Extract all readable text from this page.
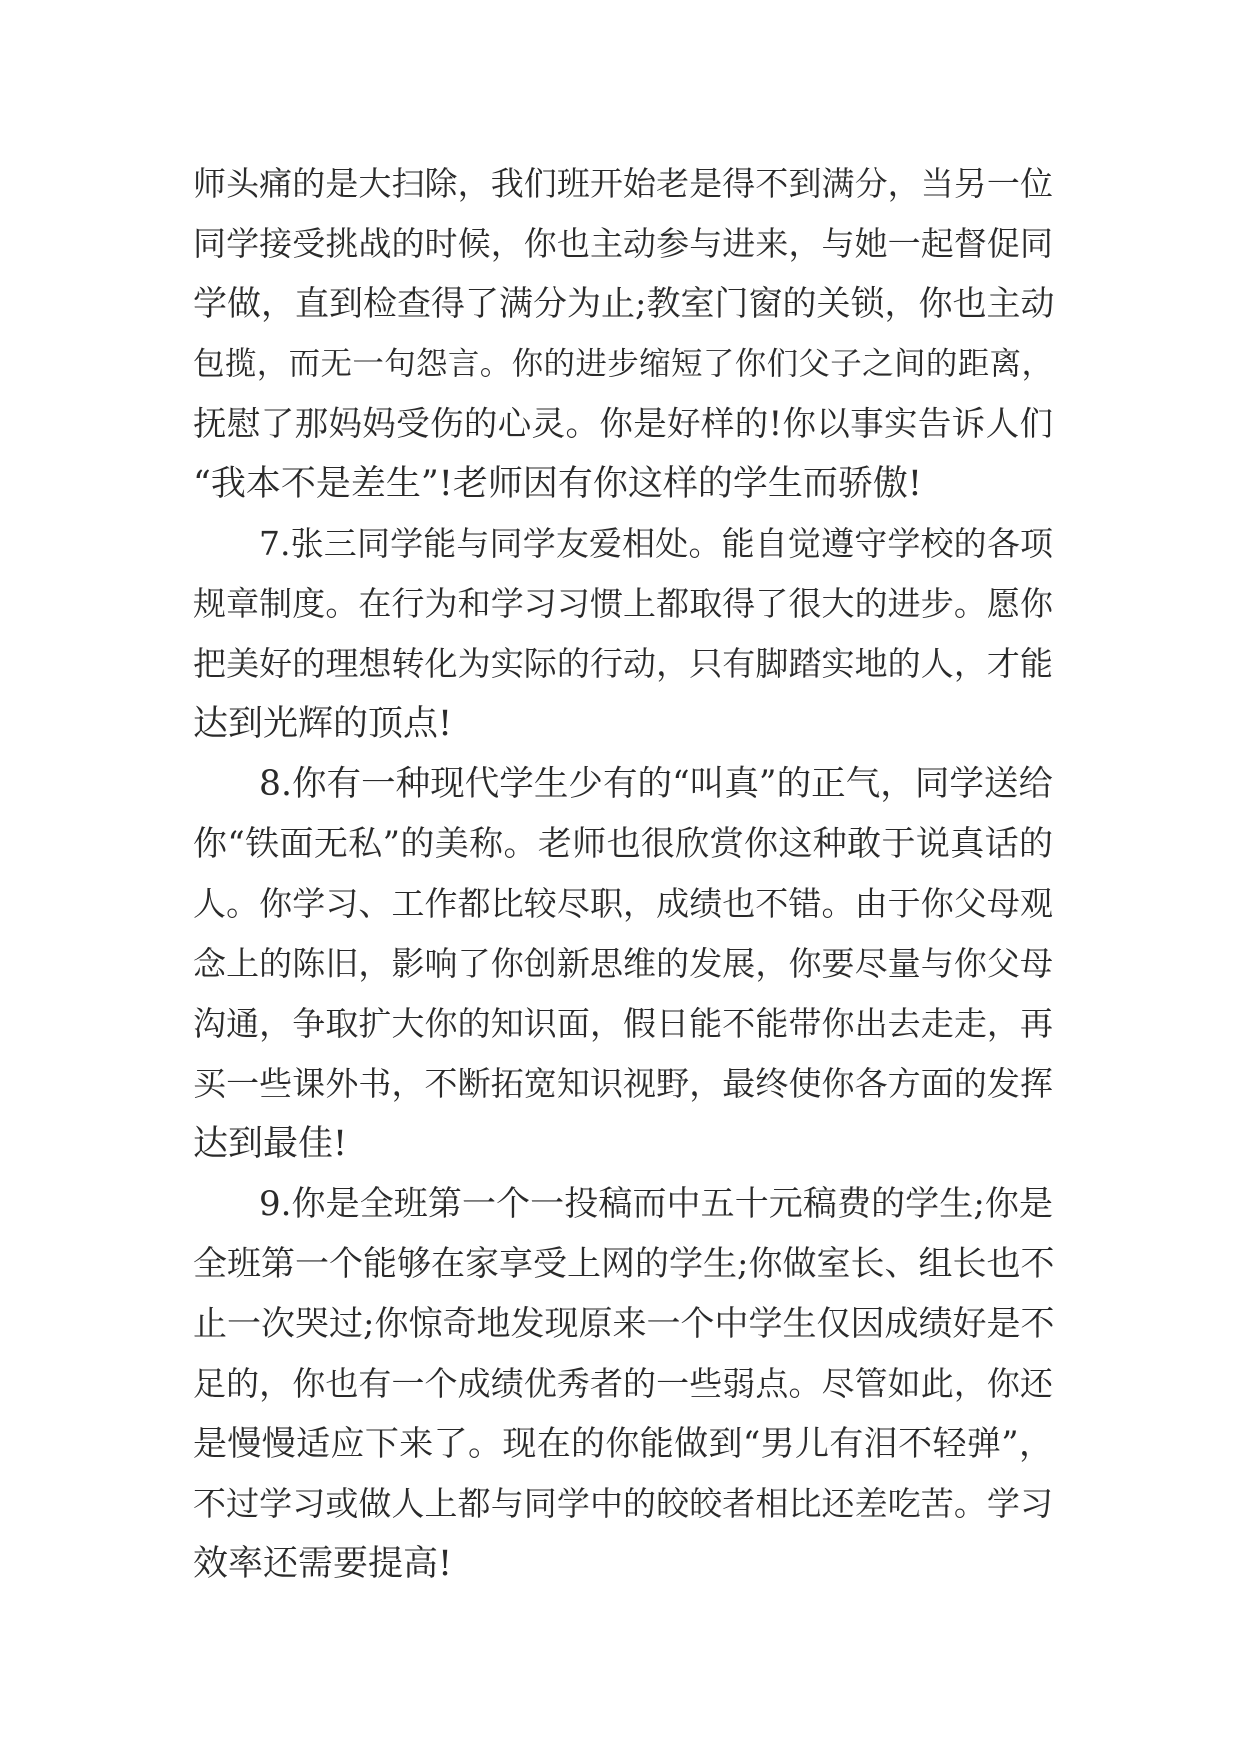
师头痛的是大扫除，我们班开始老是得不到满分，当另一位
同学接受挑战的时候，你也主动参与进来，与她一起督促同
学做，直到检查得了满分为止;教室门窗的关锁，你也主动
包揽，而无一句怨言。你的进步缩短了你们父子之间的距离，
抚慰了那妈妈受伤的心灵。你是好样的!你以事实告诉人们
“我本不是差生”!老师因有你这样的学生而骄傲!
7.张三同学能与同学友爱相处。能自觉遵守学校的各项
规章制度。在行为和学习习惯上都取得了很大的进步。愿你
把美好的理想转化为实际的行动，只有脚踏实地的人，才能
达到光辉的顶点!
8.你有一种现代学生少有的“叫真”的正气，同学送给
你“铁面无私”的美称。老师也很欣赏你这种敢于说真话的
人。你学习、工作都比较尽职，成绩也不错。由于你父母观
念上的陈旧，影响了你创新思维的发展，你要尽量与你父母
沟通，争取扩大你的知识面，假日能不能带你出去走走，再
买一些课外书，不断拓宽知识视野，最终使你各方面的发挥
达到最佳!
9.你是全班第一个一投稿而中五十元稿费的学生;你是
全班第一个能够在家享受上网的学生;你做室长、组长也不
止一次哭过;你惊奇地发现原来一个中学生仅因成绩好是不
足的，你也有一个成绩优秀者的一些弱点。尽管如此，你还
是慢慢适应下来了。现在的你能做到“男儿有泪不轻弹”，
不过学习或做人上都与同学中的皎皎者相比还差吃苦。学习
效率还需要提高!
